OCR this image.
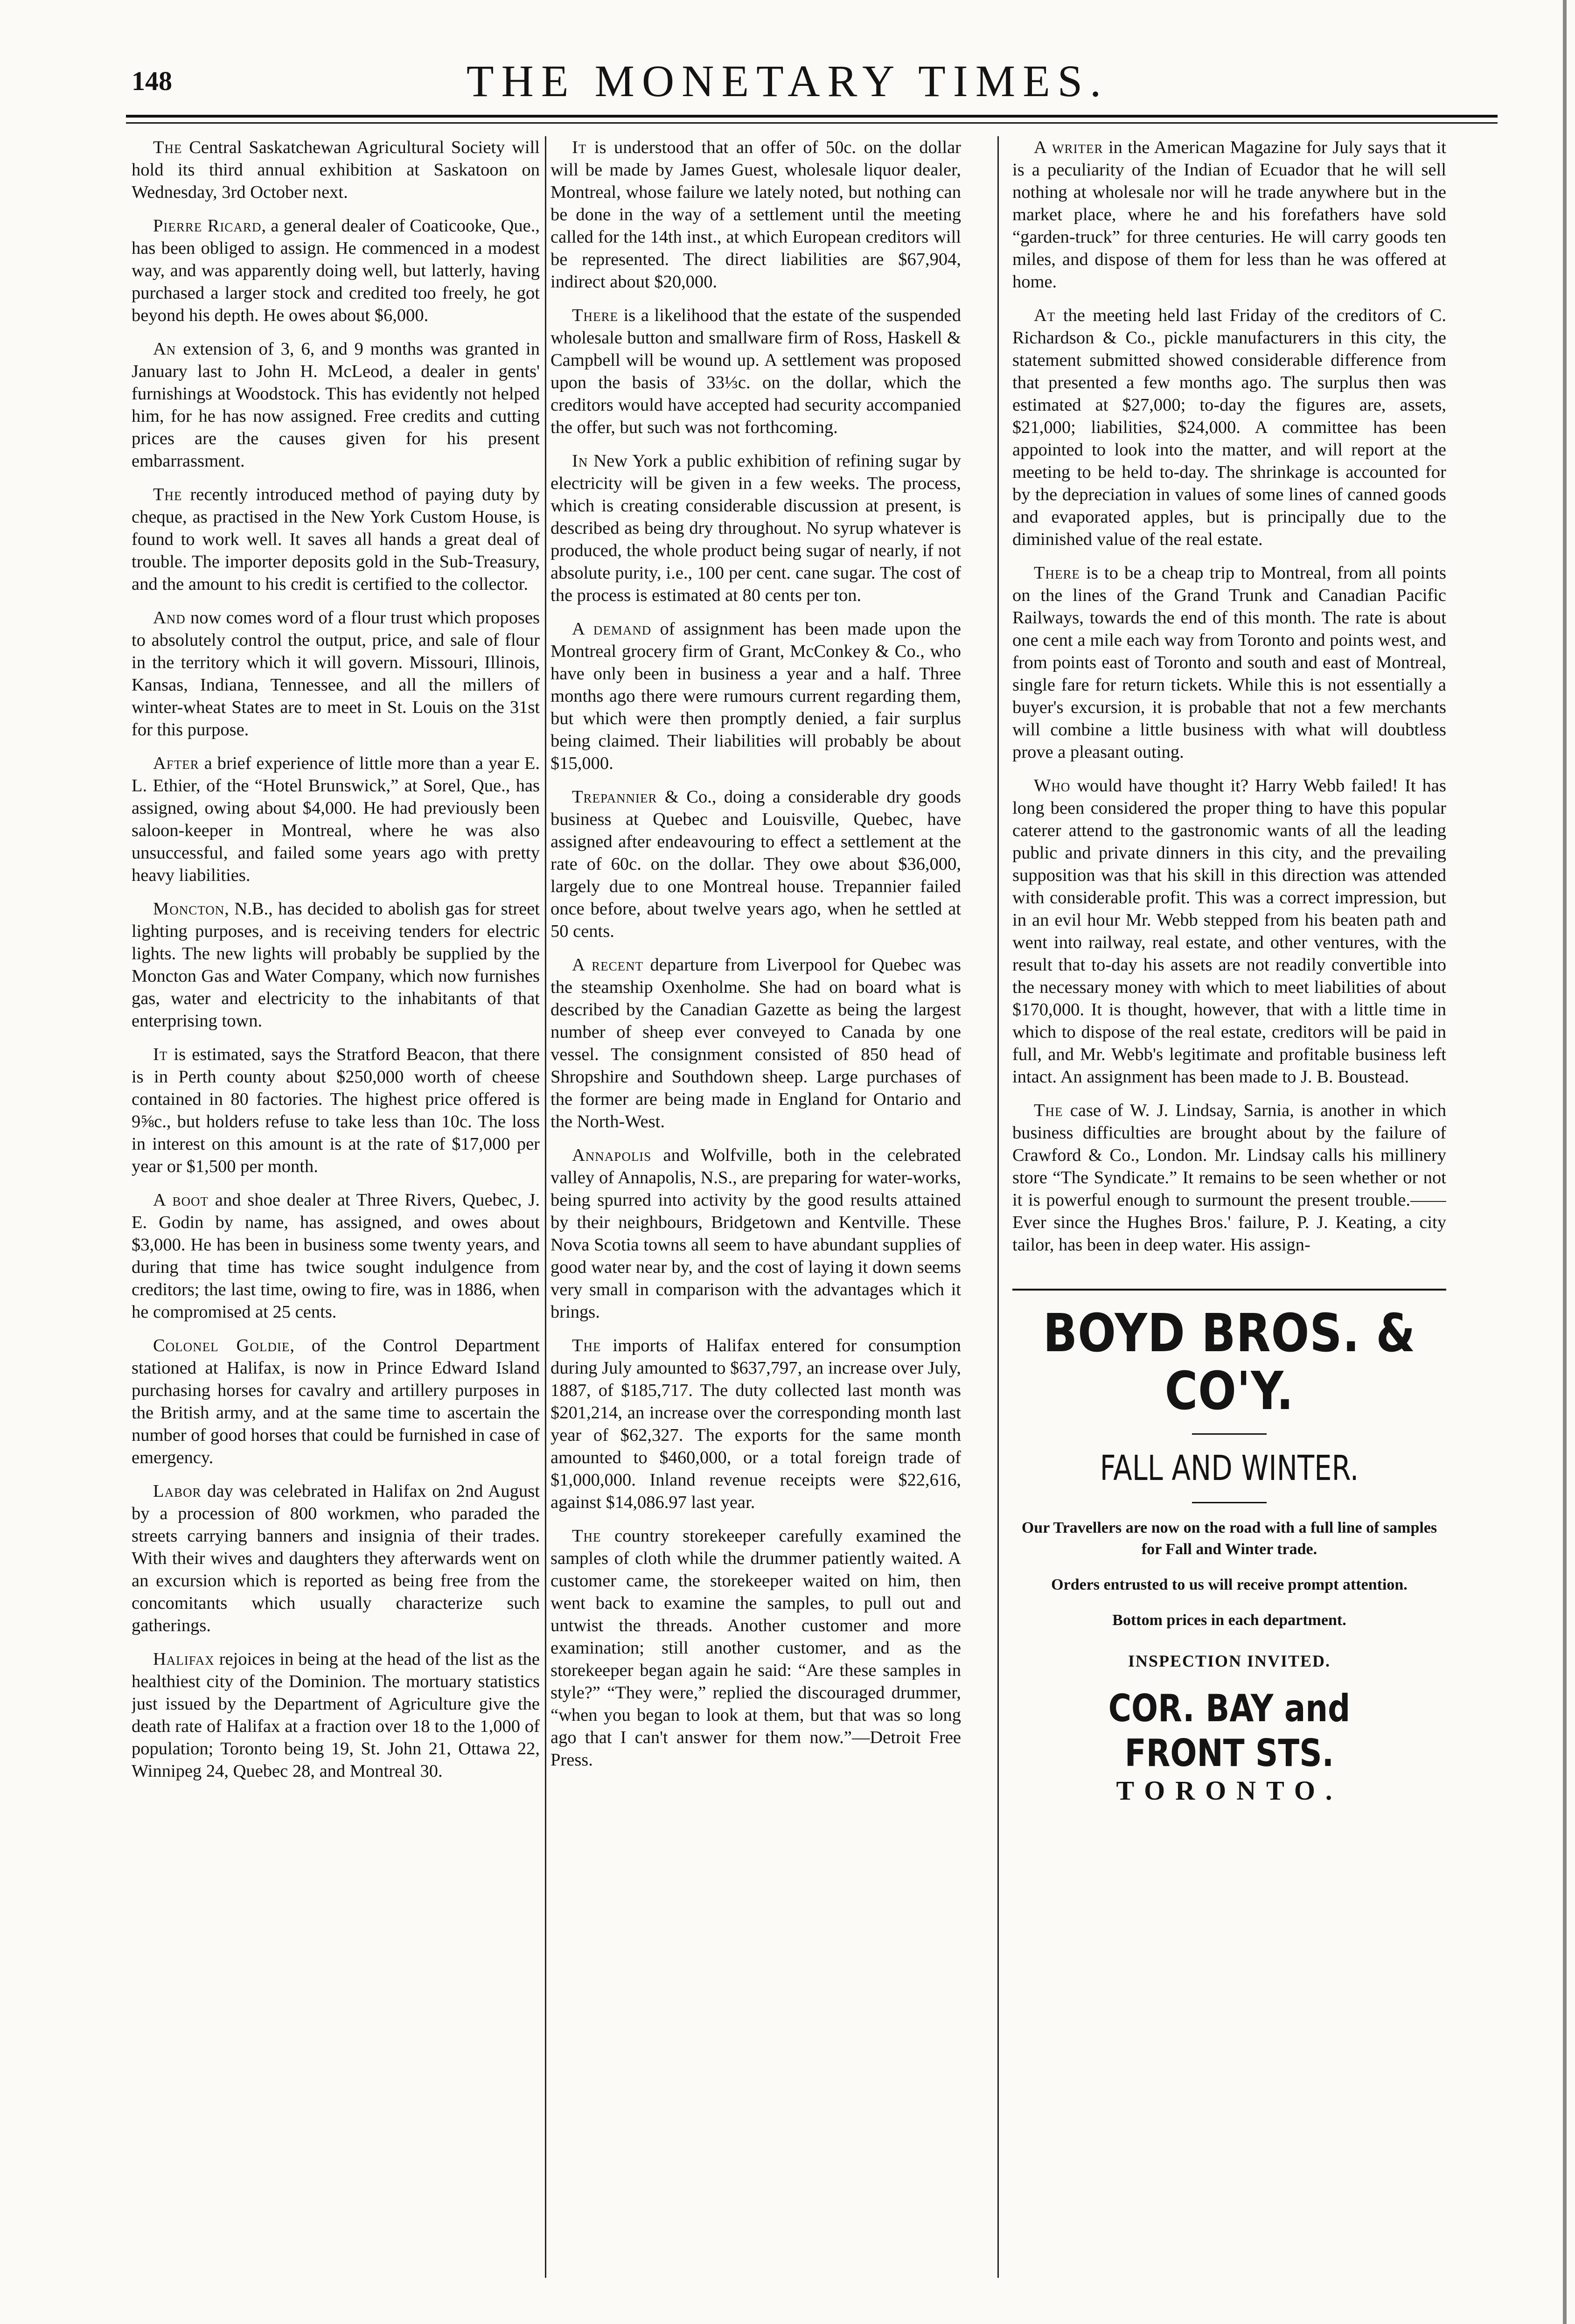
148	THE MONETARY TIMES.

The Central Saskatchewan Agricultural Society will hold its third annual exhibition at Saskatoon on Wednesday, 3rd October next.

Pierre Ricard, a general dealer of Coaticooke, Que., has been obliged to assign. He commenced in a modest way, and was apparently doing well, but latterly, having purchased a larger stock and credited too freely, he got beyond his depth. He owes about $6,000.

An extension of 3, 6, and 9 months was granted in January last to John H. McLeod, a dealer in gents' furnishings at Woodstock. This has evidently not helped him, for he has now assigned. Free credits and cutting prices are the causes given for his present embarrassment.

The recently introduced method of paying duty by cheque, as practised in the New York Custom House, is found to work well. It saves all hands a great deal of trouble. The importer deposits gold in the Sub-Treasury, and the amount to his credit is certified to the collector.

And now comes word of a flour trust which proposes to absolutely control the output, price, and sale of flour in the territory which it will govern. Missouri, Illinois, Kansas, Indiana, Tennessee, and all the millers of winter-wheat States are to meet in St. Louis on the 31st for this purpose.

After a brief experience of little more than a year E. L. Ethier, of the “Hotel Brunswick,” at Sorel, Que., has assigned, owing about $4,000. He had previously been saloon-keeper in Montreal, where he was also unsuccessful, and failed some years ago with pretty heavy liabilities.

Moncton, N.B., has decided to abolish gas for street lighting purposes, and is receiving tenders for electric lights. The new lights will probably be supplied by the Moncton Gas and Water Company, which now furnishes gas, water and electricity to the inhabitants of that enterprising town.

It is estimated, says the Stratford Beacon, that there is in Perth county about $250,000 worth of cheese contained in 80 factories. The highest price offered is 9⅝c., but holders refuse to take less than 10c. The loss in interest on this amount is at the rate of $17,000 per year or $1,500 per month.

A boot and shoe dealer at Three Rivers, Quebec, J. E. Godin by name, has assigned, and owes about $3,000. He has been in business some twenty years, and during that time has twice sought indulgence from creditors; the last time, owing to fire, was in 1886, when he compromised at 25 cents.

Colonel Goldie, of the Control Department stationed at Halifax, is now in Prince Edward Island purchasing horses for cavalry and artillery purposes in the British army, and at the same time to ascertain the number of good horses that could be furnished in case of emergency.

Labor day was celebrated in Halifax on 2nd August by a procession of 800 workmen, who paraded the streets carrying banners and insignia of their trades. With their wives and daughters they afterwards went on an excursion which is reported as being free from the concomitants which usually characterize such gatherings.

Halifax rejoices in being at the head of the list as the healthiest city of the Dominion. The mortuary statistics just issued by the Department of Agriculture give the death rate of Halifax at a fraction over 18 to the 1,000 of population; Toronto being 19, St. John 21, Ottawa 22, Winnipeg 24, Quebec 28, and Montreal 30.

It is understood that an offer of 50c. on the dollar will be made by James Guest, wholesale liquor dealer, Montreal, whose failure we lately noted, but nothing can be done in the way of a settlement until the meeting called for the 14th inst., at which European creditors will be represented. The direct liabilities are $67,904, indirect about $20,000.

There is a likelihood that the estate of the suspended wholesale button and smallware firm of Ross, Haskell & Campbell will be wound up. A settlement was proposed upon the basis of 33⅓c. on the dollar, which the creditors would have accepted had security accompanied the offer, but such was not forthcoming.

In New York a public exhibition of refining sugar by electricity will be given in a few weeks. The process, which is creating considerable discussion at present, is described as being dry throughout. No syrup whatever is produced, the whole product being sugar of nearly, if not absolute purity, i.e., 100 per cent. cane sugar. The cost of the process is estimated at 80 cents per ton.

A demand of assignment has been made upon the Montreal grocery firm of Grant, McConkey & Co., who have only been in business a year and a half. Three months ago there were rumours current regarding them, but which were then promptly denied, a fair surplus being claimed. Their liabilities will probably be about $15,000.

Trepannier & Co., doing a considerable dry goods business at Quebec and Louisville, Quebec, have assigned after endeavouring to effect a settlement at the rate of 60c. on the dollar. They owe about $36,000, largely due to one Montreal house. Trepannier failed once before, about twelve years ago, when he settled at 50 cents.

A recent departure from Liverpool for Quebec was the steamship Oxenholme. She had on board what is described by the Canadian Gazette as being the largest number of sheep ever conveyed to Canada by one vessel. The consignment consisted of 850 head of Shropshire and Southdown sheep. Large purchases of the former are being made in England for Ontario and the North-West.

Annapolis and Wolfville, both in the celebrated valley of Annapolis, N.S., are preparing for water-works, being spurred into activity by the good results attained by their neighbours, Bridgetown and Kentville. These Nova Scotia towns all seem to have abundant supplies of good water near by, and the cost of laying it down seems very small in comparison with the advantages which it brings.

The imports of Halifax entered for consumption during July amounted to $637,797, an increase over July, 1887, of $185,717. The duty collected last month was $201,214, an increase over the corresponding month last year of $62,327. The exports for the same month amounted to $460,000, or a total foreign trade of $1,000,000. Inland revenue receipts were $22,616, against $14,086.97 last year.

The country storekeeper carefully examined the samples of cloth while the drummer patiently waited. A customer came, the storekeeper waited on him, then went back to examine the samples, to pull out and untwist the threads. Another customer and more examination; still another customer, and as the storekeeper began again he said: “Are these samples in style?” “They were,” replied the discouraged drummer, “when you began to look at them, but that was so long ago that I can't answer for them now.”—Detroit Free Press.

A writer in the American Magazine for July says that it is a peculiarity of the Indian of Ecuador that he will sell nothing at wholesale nor will he trade anywhere but in the market place, where he and his forefathers have sold “garden-truck” for three centuries. He will carry goods ten miles, and dispose of them for less than he was offered at home.

At the meeting held last Friday of the creditors of C. Richardson & Co., pickle manufacturers in this city, the statement submitted showed considerable difference from that presented a few months ago. The surplus then was estimated at $27,000; to-day the figures are, assets, $21,000; liabilities, $24,000. A committee has been appointed to look into the matter, and will report at the meeting to be held to-day. The shrinkage is accounted for by the depreciation in values of some lines of canned goods and evaporated apples, but is principally due to the diminished value of the real estate.

There is to be a cheap trip to Montreal, from all points on the lines of the Grand Trunk and Canadian Pacific Railways, towards the end of this month. The rate is about one cent a mile each way from Toronto and points west, and from points east of Toronto and south and east of Montreal, single fare for return tickets. While this is not essentially a buyer's excursion, it is probable that not a few merchants will combine a little business with what will doubtless prove a pleasant outing.

Who would have thought it? Harry Webb failed! It has long been considered the proper thing to have this popular caterer attend to the gastronomic wants of all the leading public and private dinners in this city, and the prevailing supposition was that his skill in this direction was attended with considerable profit. This was a correct impression, but in an evil hour Mr. Webb stepped from his beaten path and went into railway, real estate, and other ventures, with the result that to-day his assets are not readily convertible into the necessary money with which to meet liabilities of about $170,000. It is thought, however, that with a little time in which to dispose of the real estate, creditors will be paid in full, and Mr. Webb's legitimate and profitable business left intact. An assignment has been made to J. B. Boustead.

The case of W. J. Lindsay, Sarnia, is another in which business difficulties are brought about by the failure of Crawford & Co., London. Mr. Lindsay calls his millinery store “The Syndicate.” It remains to be seen whether or not it is powerful enough to surmount the present trouble.——Ever since the Hughes Bros.' failure, P. J. Keating, a city tailor, has been in deep water. His assign-

BOYD BROS. & CO'Y.
FALL AND WINTER.
Our Travellers are now on the road with a full line of samples for Fall and Winter trade.
Orders entrusted to us will receive prompt attention.
Bottom prices in each department.
INSPECTION INVITED.
COR. BAY and FRONT STS.
TORONTO.
